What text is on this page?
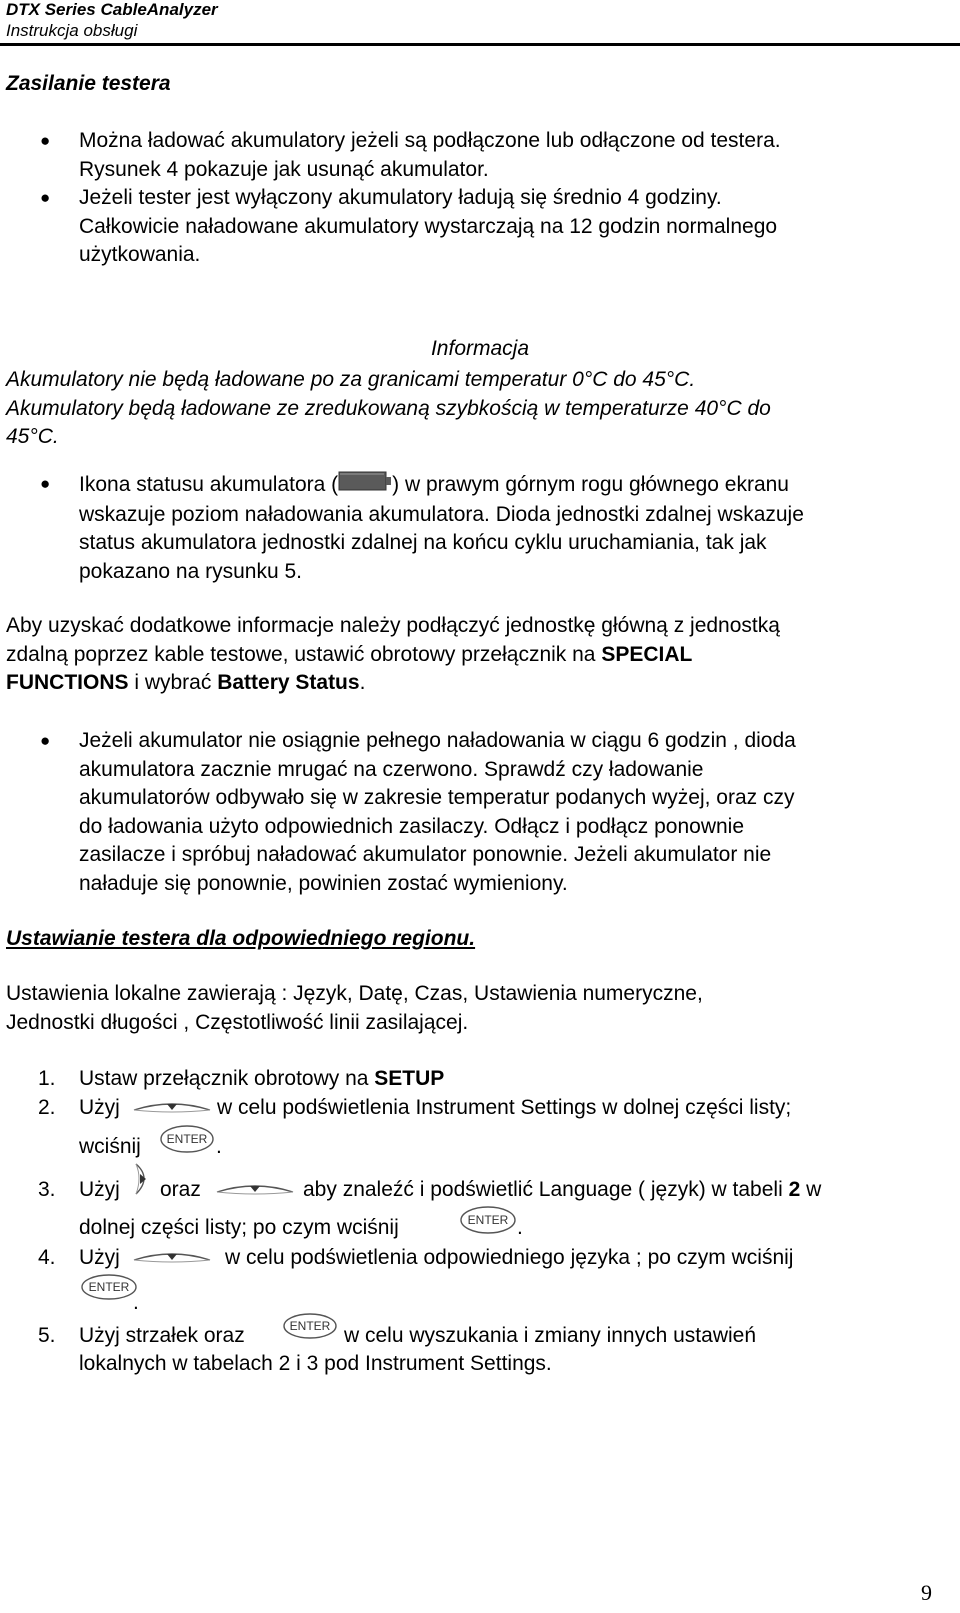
DTX Series CableAnalyzer
Instrukcja obsługi
Zasilanie testera
● Można ładować akumulatory jeżeli są podłączone lub odłączone od testera.
Rysunek 4 pokazuje jak usunąć akumulator.
● Jeżeli tester jest wyłączony akumulatory ładują się średnio 4 godziny.
Całkowicie naładowane akumulatory wystarczają na 12 godzin normalnego
użytkowania.
Informacja
Akumulatory nie będą ładowane po za granicami temperatur 0°C do 45°C.
Akumulatory będą ładowane ze zredukowaną szybkością w temperaturze 40°C do
45°C.
● Ikona statusu akumulatora (	) w prawym górnym rogu głównego ekranu
wskazuje poziom naładowania akumulatora. Dioda jednostki zdalnej wskazuje
status akumulatora jednostki zdalnej na końcu cyklu uruchamiania, tak jak
pokazano na rysunku 5.
Aby uzyskać dodatkowe informacje należy podłączyć jednostkę główną z jednostką
zdalną poprzez kable testowe, ustawić obrotowy przełącznik na SPECIAL
FUNCTIONS i wybrać Battery Status.
● Jeżeli akumulator nie osiągnie pełnego naładowania w ciągu 6 godzin , dioda
akumulatora zacznie mrugać na czerwono. Sprawdź czy ładowanie
akumulatorów odbywało się w zakresie temperatur podanych wyżej, oraz czy
do ładowania użyto odpowiednich zasilaczy. Odłącz i podłącz ponownie
zasilacze i spróbuj naładować akumulator ponownie. Jeżeli akumulator nie
naładuje się ponownie, powinien zostać wymieniony.
Ustawianie testera dla odpowiedniego regionu.
Ustawienia lokalne zawierają : Język, Datę, Czas, Ustawienia numeryczne,
Jednostki długości , Częstotliwość linii zasilającej.
1. Ustaw przełącznik obrotowy na SETUP
2. Użyj	w celu podświetlenia Instrument Settings w dolnej części listy;
wciśnij ENTER .
3. Użyj oraz	aby znaleźć i podświetlić Language ( język) w tabeli 2 w
dolnej części listy; po czym wciśnij	ENTER .
4. Użyj	w celu podświetlenia odpowiedniego języka ; po czym wciśnij
ENTER
.
5. Użyj strzałek oraz	ENTER w celu wyszukania i zmiany innych ustawień
lokalnych w tabelach 2 i 3 pod Instrument Settings.
9
